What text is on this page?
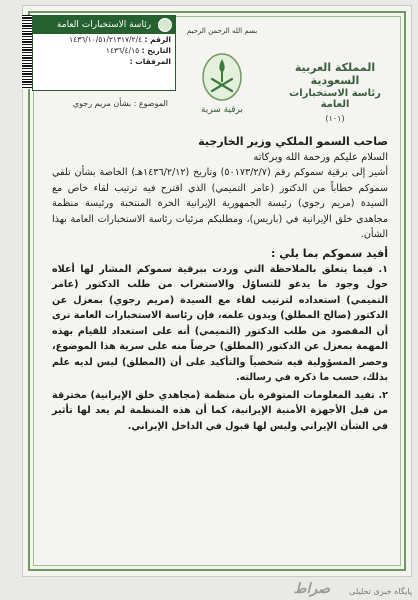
رئاسة الاستخبارات العامة
الرقم : ١٤٣٦/١٠/٥١/٢١٣١٧/٢/٤
التاريخ : ١٤٣٦/٤/١٥
المرفقات :
الموضوع : بشأن مريم رجوي
بسم الله الرحمن الرحيم
برقية سرية
المملكة العربية السعودية
رئاسة الاستخبارات العامة
(١٠١)
صاحب السمو الملكي وزير الخارجية
السلام عليكم ورحمة الله وبركاته

أشير إلى برقية سموكم رقم (٥٠١٧٣/٢/٧) وتاريخ (١٤٣٦/٢/١٢هـ) الخاصة بشأن تلقي سموكم خطاباً من الدكتور (عامر التميمي) الذي اقترح فيه ترتيب لقاء خاص مع السيدة (مريم رجوي) رئيسة الجمهورية الإيرانية الحرة المنتخبة ورئيسة منظمة مجاهدي خلق الإيرانية في (باريس)، ومطلبكم مرئيات رئاسة الاستخبارات العامة بهذا الشأن.

أفيد سموكم بما يلي :

١. فيما يتعلق بالملاحظة التي وردت ببرقية سموكم المشار لها أعلاه حول وجود ما يدعو للتساؤل والاستغراب من طلب الدكتور (عامر التميمي) استعداده لترتيب لقاء مع السيدة (مريم رجوي) بمعزل عن الدكتور (صالح المطلق) ويدون علمه، فإن رئاسة الاستخبارات العامة ترى أن المقصود من طلب الدكتور (التميمي) أنه على استعداد للقيام بهذه المهمة بمعزل عن الدكتور (المطلق) حرصاً منه على سرية هذا الموضوع، وحصر المسؤولية فيه شخصياً والتأكيد على أن (المطلق) ليس لديه علم بذلك، حسب ما ذكره في رسالته.

٢. تفيد المعلومات المتوفرة بأن منظمة (مجاهدي خلق الإيرانية) مخترقة من قبل الأجهزة الأمنية الإيرانية، كما أن هذه المنظمة لم يعد لها تأثير في الشأن الإيراني وليس لها قبول في الداخل الإيراني.

صراط پایگاه خبری تحلیلی
